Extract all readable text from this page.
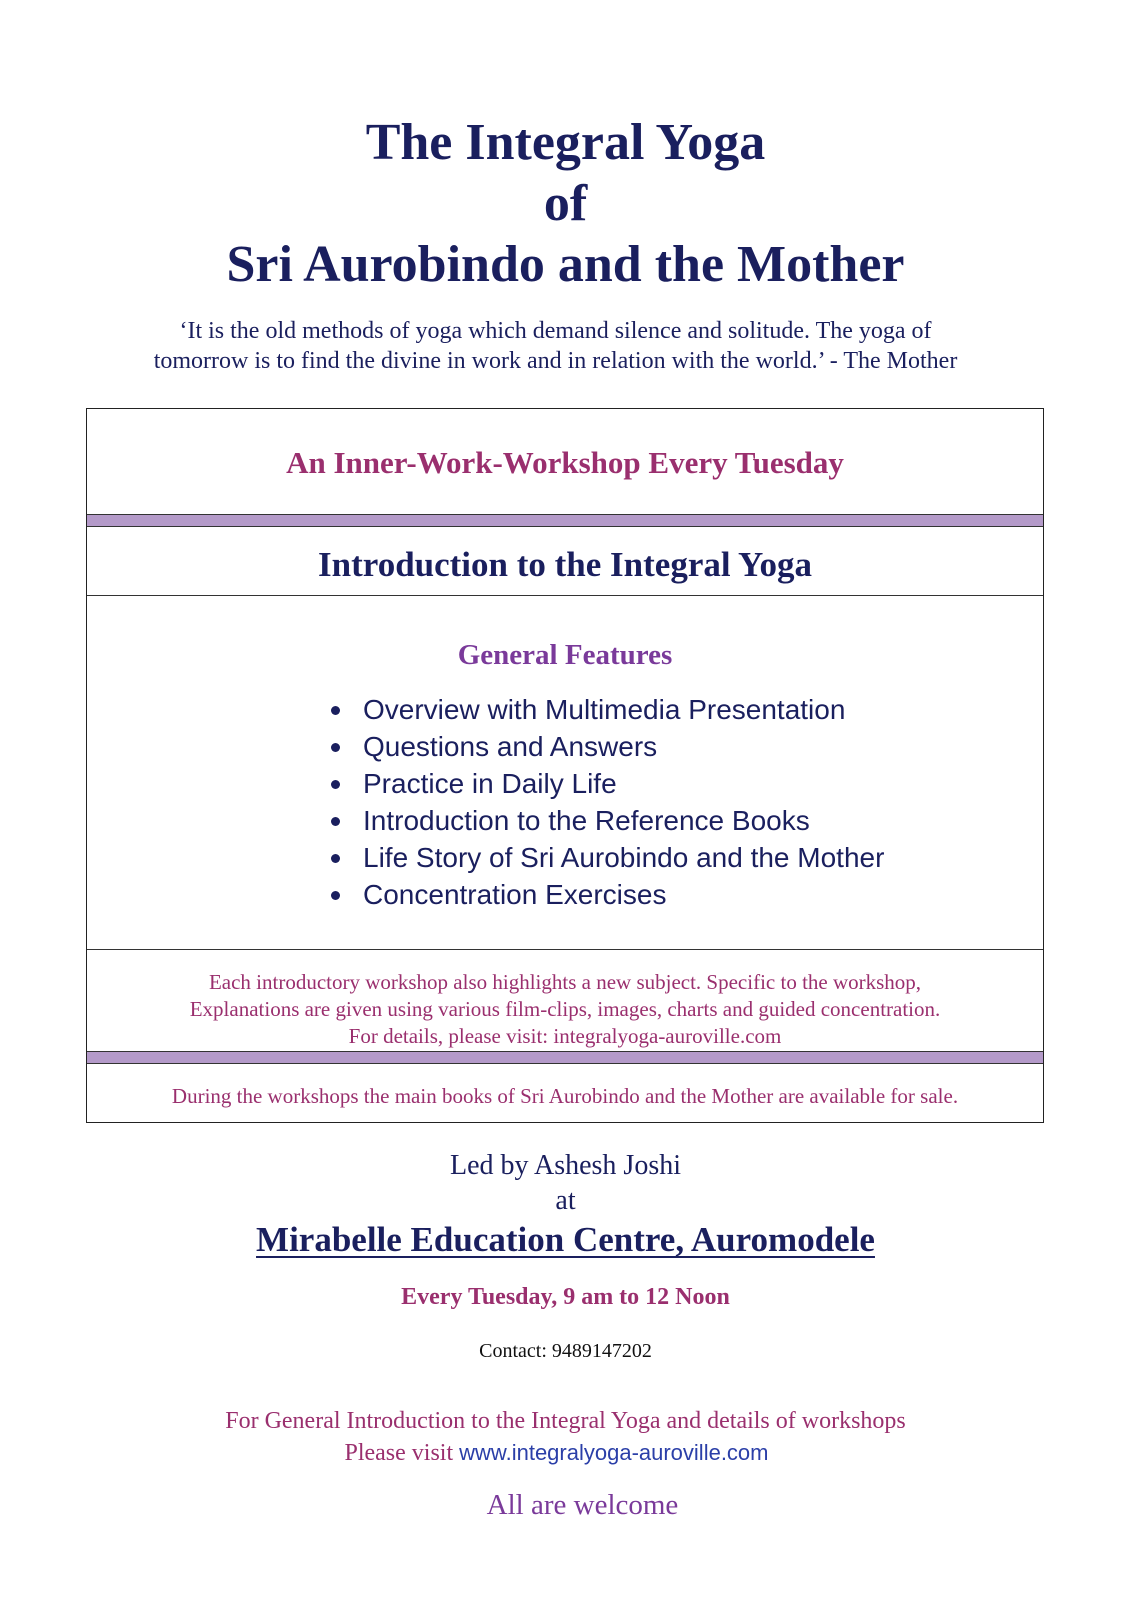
The Integral Yoga
of
Sri Aurobindo and the Mother
‘It is the old methods of yoga which demand silence and solitude. The yoga of
tomorrow is to find the divine in work and in relation with the world.’ - The Mother
An Inner-Work-Workshop Every Tuesday
Introduction to the Integral Yoga
General Features
Overview with Multimedia Presentation
Questions and Answers
Practice in Daily Life
Introduction to the Reference Books
Life Story of Sri Aurobindo and the Mother
Concentration Exercises
Each introductory workshop also highlights a new subject. Specific to the workshop,
Explanations are given using various film-clips, images, charts and guided concentration.
For details, please visit: integralyoga-auroville.com
During the workshops the main books of Sri Aurobindo and the Mother are available for sale.
Led by Ashesh Joshi
at
Mirabelle Education Centre, Auromodele
Every Tuesday, 9 am to 12 Noon
Contact: 9489147202
For General Introduction to the Integral Yoga and details of workshops
Please visit www.integralyoga-auroville.com
All are welcome
